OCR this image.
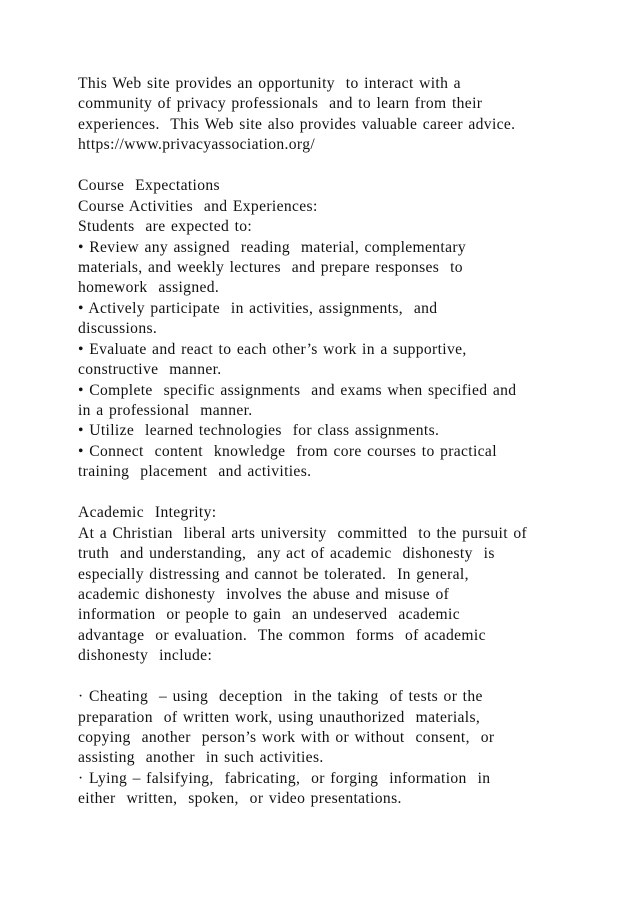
This Web site provides an opportunity  to interact with a
community of privacy professionals  and to learn from their
experiences.  This Web site also provides valuable career advice.
https://www.privacyassociation.org/
Course  Expectations
Course Activities  and Experiences:
Students  are expected to:
• Review any assigned  reading  material, complementary
materials, and weekly lectures  and prepare responses  to
homework  assigned.
• Actively participate  in activities, assignments,  and
discussions.
• Evaluate and react to each other’s work in a supportive,
constructive  manner.
• Complete  specific assignments  and exams when specified and
in a professional  manner.
• Utilize  learned technologies  for class assignments.
• Connect  content  knowledge  from core courses to practical
training  placement  and activities.
Academic  Integrity:
At a Christian  liberal arts university  committed  to the pursuit of
truth  and understanding,  any act of academic  dishonesty  is
especially distressing and cannot be tolerated.  In general,
academic dishonesty  involves the abuse and misuse of
information  or people to gain  an undeserved  academic
advantage  or evaluation.  The common  forms  of academic
dishonesty  include:
· Cheating  – using  deception  in the taking  of tests or the
preparation  of written work, using unauthorized  materials,
copying  another  person’s work with or without  consent,  or
assisting  another  in such activities.
· Lying – falsifying,  fabricating,  or forging  information  in
either  written,  spoken,  or video presentations.
